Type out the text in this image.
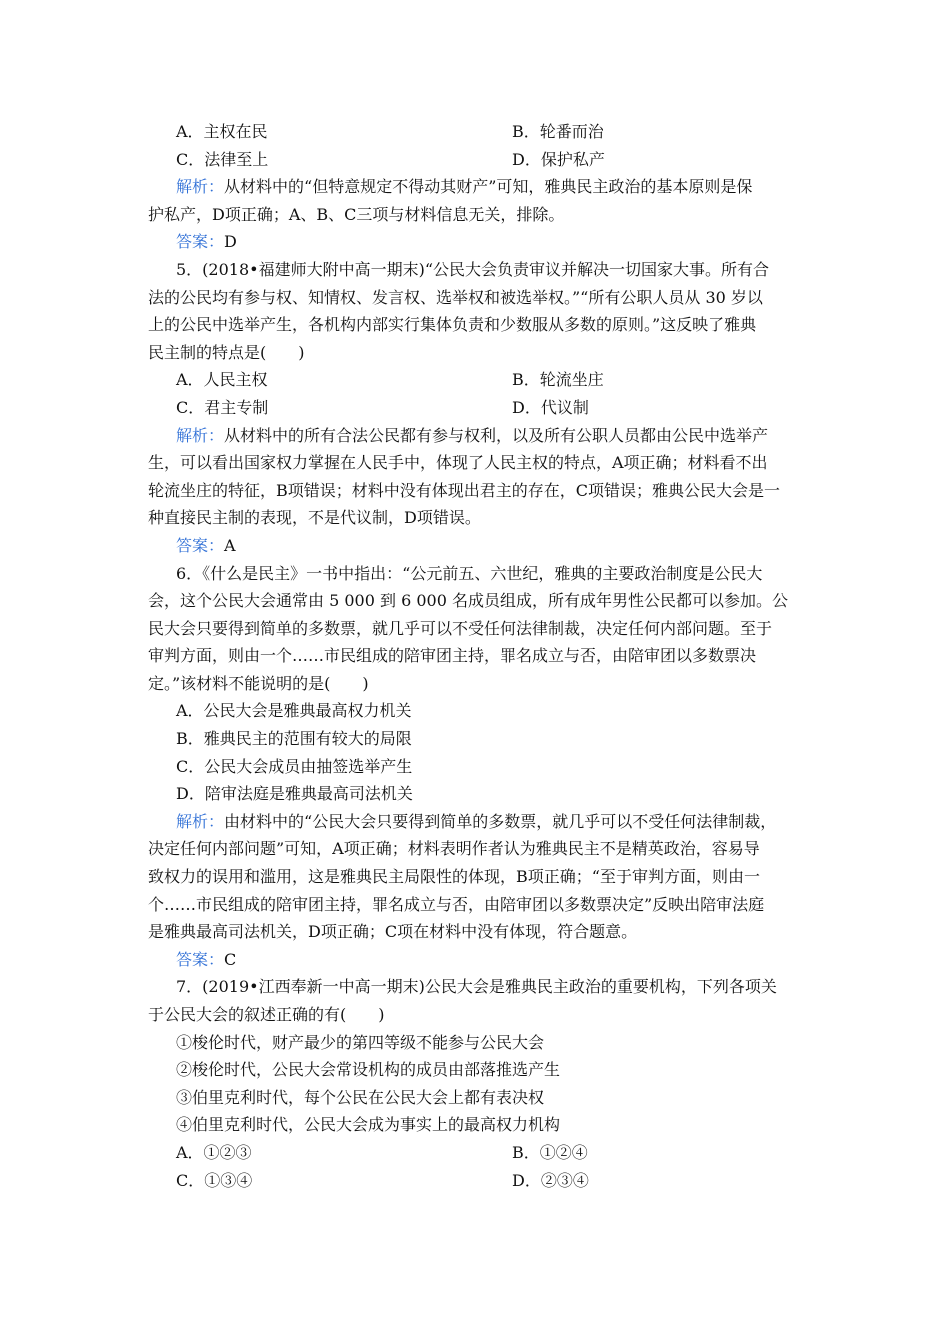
A．主权在民	B．轮番而治
C．法律至上	D．保护私产
解析：从材料中的“但特意规定不得动其财产”可知，雅典民主政治的基本原则是保
护私产，D项正确；A、B、C三项与材料信息无关，排除。
答案：D
5．(2018•福建师大附中高一期末)“公民大会负责审议并解决一切国家大事。所有合
法的公民均有参与权、知情权、发言权、选举权和被选举权。”“所有公职人员从 30 岁以
上的公民中选举产生，各机构内部实行集体负责和少数服从多数的原则。”这反映了雅典
民主制的特点是(　　)
A．人民主权	B．轮流坐庄
C．君主专制	D．代议制
解析：从材料中的所有合法公民都有参与权利，以及所有公职人员都由公民中选举产
生，可以看出国家权力掌握在人民手中，体现了人民主权的特点，A项正确；材料看不出
轮流坐庄的特征，B项错误；材料中没有体现出君主的存在，C项错误；雅典公民大会是一
种直接民主制的表现，不是代议制，D项错误。
答案：A
6．《什么是民主》一书中指出：“公元前五、六世纪，雅典的主要政治制度是公民大
会，这个公民大会通常由 5 000 到 6 000 名成员组成，所有成年男性公民都可以参加。公
民大会只要得到简单的多数票，就几乎可以不受任何法律制裁，决定任何内部问题。至于
审判方面，则由一个……市民组成的陪审团主持，罪名成立与否，由陪审团以多数票决
定。”该材料不能说明的是(　　)
A．公民大会是雅典最高权力机关
B．雅典民主的范围有较大的局限
C．公民大会成员由抽签选举产生
D．陪审法庭是雅典最高司法机关
解析：由材料中的“公民大会只要得到简单的多数票，就几乎可以不受任何法律制裁，
决定任何内部问题”可知，A项正确；材料表明作者认为雅典民主不是精英政治，容易导
致权力的误用和滥用，这是雅典民主局限性的体现，B项正确；“至于审判方面，则由一
个……市民组成的陪审团主持，罪名成立与否，由陪审团以多数票决定”反映出陪审法庭
是雅典最高司法机关，D项正确；C项在材料中没有体现，符合题意。
答案：C
7．(2019•江西奉新一中高一期末)公民大会是雅典民主政治的重要机构，下列各项关
于公民大会的叙述正确的有(　　)
①梭伦时代，财产最少的第四等级不能参与公民大会
②梭伦时代，公民大会常设机构的成员由部落推选产生
③伯里克利时代，每个公民在公民大会上都有表决权
④伯里克利时代，公民大会成为事实上的最高权力机构
A．①②③	B．①②④
C．①③④	D．②③④
